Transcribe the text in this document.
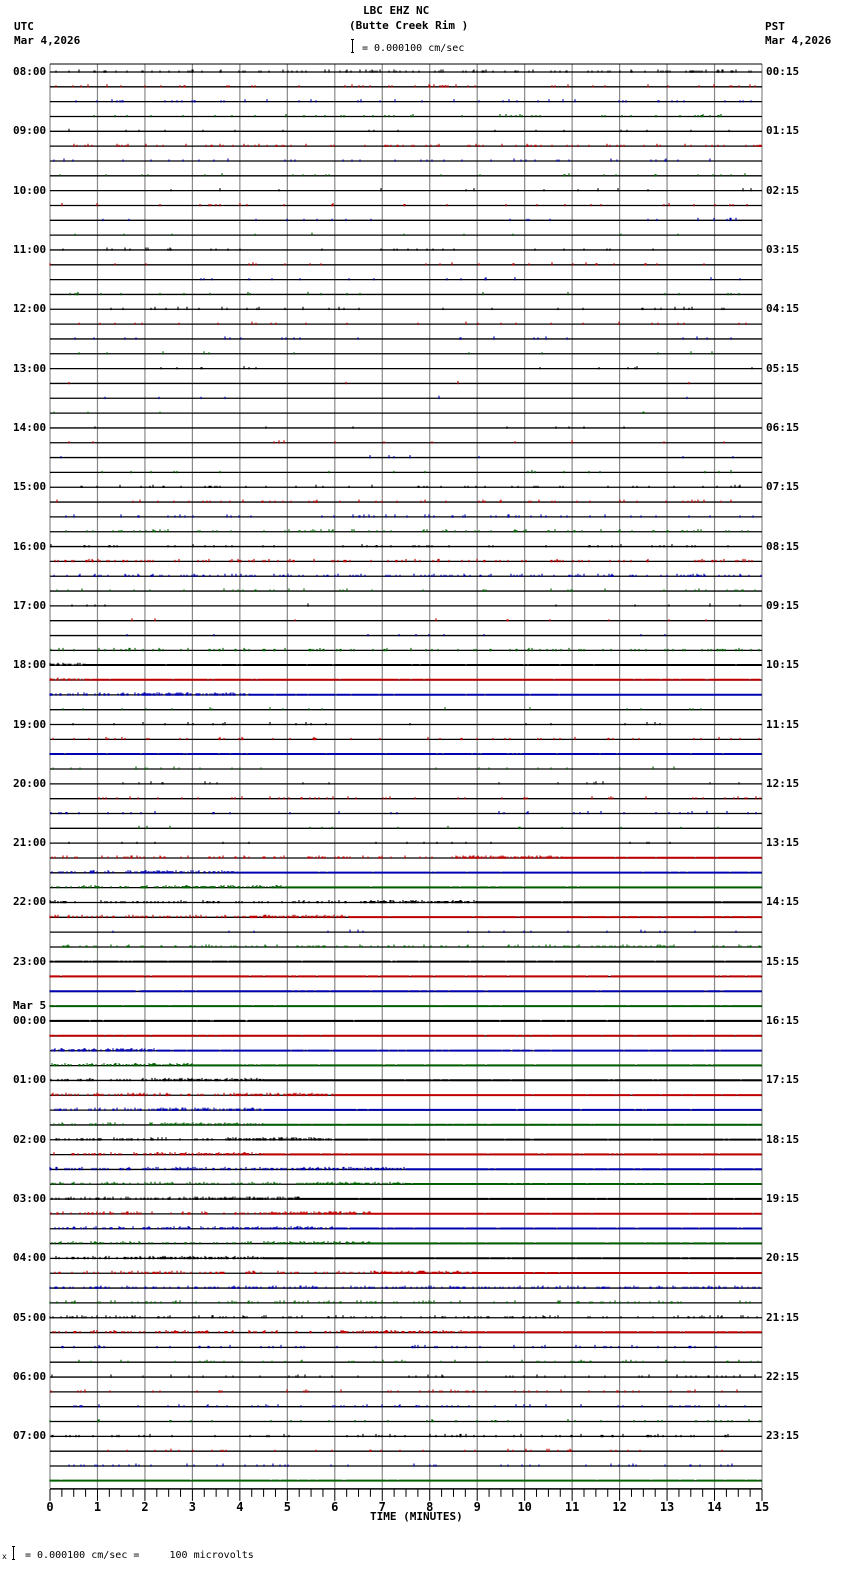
LBC EHZ NC
(Butte Creek Rim )
= 0.000100 cm/sec
UTC
Mar 4,2026
PST
Mar 4,2026
0	1	2	3	4	5	6	7	8	9	10	11	12	13	14	15
08:00
09:00
10:00
11:00
12:00
13:00
14:00
15:00
16:00
17:00
18:00
19:00
20:00
21:00
22:00
23:00
Mar 5
00:00
01:00
02:00
03:00
04:00
05:00
06:00
07:00
00:15
01:15
02:15
03:15
04:15
05:15
06:15
07:15
08:15
09:15
10:15
11:15
12:15
13:15
14:15
15:15
16:15
17:15
18:15
19:15
20:15
21:15
22:15
23:15
TIME (MINUTES)
x = 0.000100 cm/sec =     100 microvolts
